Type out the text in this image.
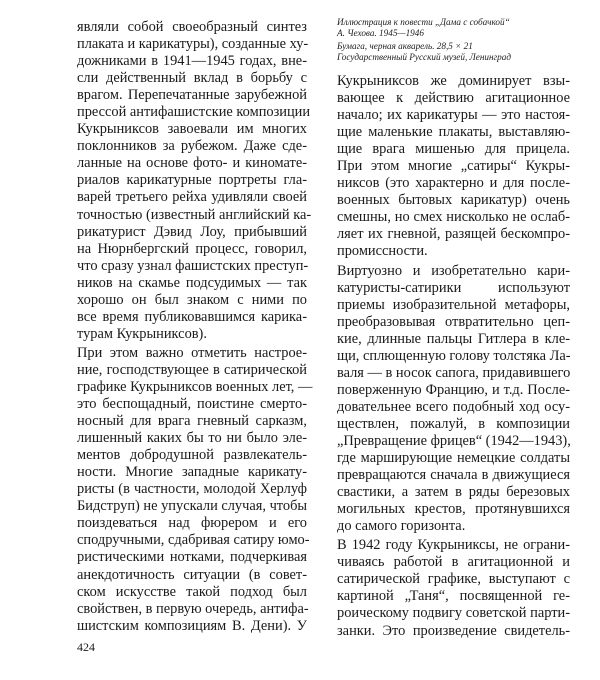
являли собой своеобразный синтез
плаката и карикатуры), созданные ху-
дожниками в 1941—1945 годах, вне-
сли действенный вклад в борьбу с
врагом. Перепечатанные зарубежной
прессой антифашистские композиции
Кукрыниксов завоевали им многих
поклонников за рубежом. Даже сде-
ланные на основе фото- и киномате-
риалов карикатурные портреты гла-
варей третьего рейха удивляли своей
точностью (известный английский ка-
рикатурист Дэвид Лоу, прибывший
на Нюрнбергский процесс, говорил,
что сразу узнал фашистских преступ-
ников на скамье подсудимых — так
хорошо он был знаком с ними по
все время публиковавшимся карика-
турам Кукрыниксов).
При этом важно отметить настрое-
ние, господствующее в сатирической
графике Кукрыниксов военных лет, —
это беспощадный, поистине смерто-
носный для врага гневный сарказм,
лишенный каких бы то ни было эле-
ментов добродушной развлекатель-
ности. Многие западные карикату-
ристы (в частности, молодой Херлуф
Бидструп) не упускали случая, чтобы
поиздеваться над фюрером и его
сподручными, сдабривая сатиру юмо-
ристическими нотками, подчеркивая
анекдотичность ситуации (в совет-
ском искусстве такой подход был
свойствен, в первую очередь, антифа-
шистским композициям В. Дени). У
Иллюстрация к повести „Дама с собачкой“
А. Чехова. 1945—1946
Бумага, черная акварель. 28,5 × 21
Государственный Русский музей, Ленинград
Кукрыниксов же доминирует взы-
вающее к действию агитационное
начало; их карикатуры — это настоя-
щие маленькие плакаты, выставляю-
щие врага мишенью для прицела.
При этом многие „сатиры“ Кукры-
никсов (это характерно и для после-
военных бытовых карикатур) очень
смешны, но смех нисколько не ослаб-
ляет их гневной, разящей бескомпро-
промиссности.
Виртуозно и изобретательно кари-
катуристы-сатирики используют
приемы изобразительной метафоры,
преобразовывая отвратительно цеп-
кие, длинные пальцы Гитлера в кле-
щи, сплющенную голову толстяка Ла-
валя — в носок сапога, придавившего
поверженную Францию, и т.д. После-
довательнее всего подобный ход осу-
ществлен, пожалуй, в композиции
„Превращение фрицев“ (1942—1943),
где марширующие немецкие солдаты
превращаются сначала в движущиеся
свастики, а затем в ряды березовых
могильных крестов, протянувшихся
до самого горизонта.
В 1942 году Кукрыниксы, не ограни-
чиваясь работой в агитационной и
сатирической графике, выступают с
картиной „Таня“, посвященной ге-
роическому подвигу советской парти-
занки. Это произведение свидетель-
424
